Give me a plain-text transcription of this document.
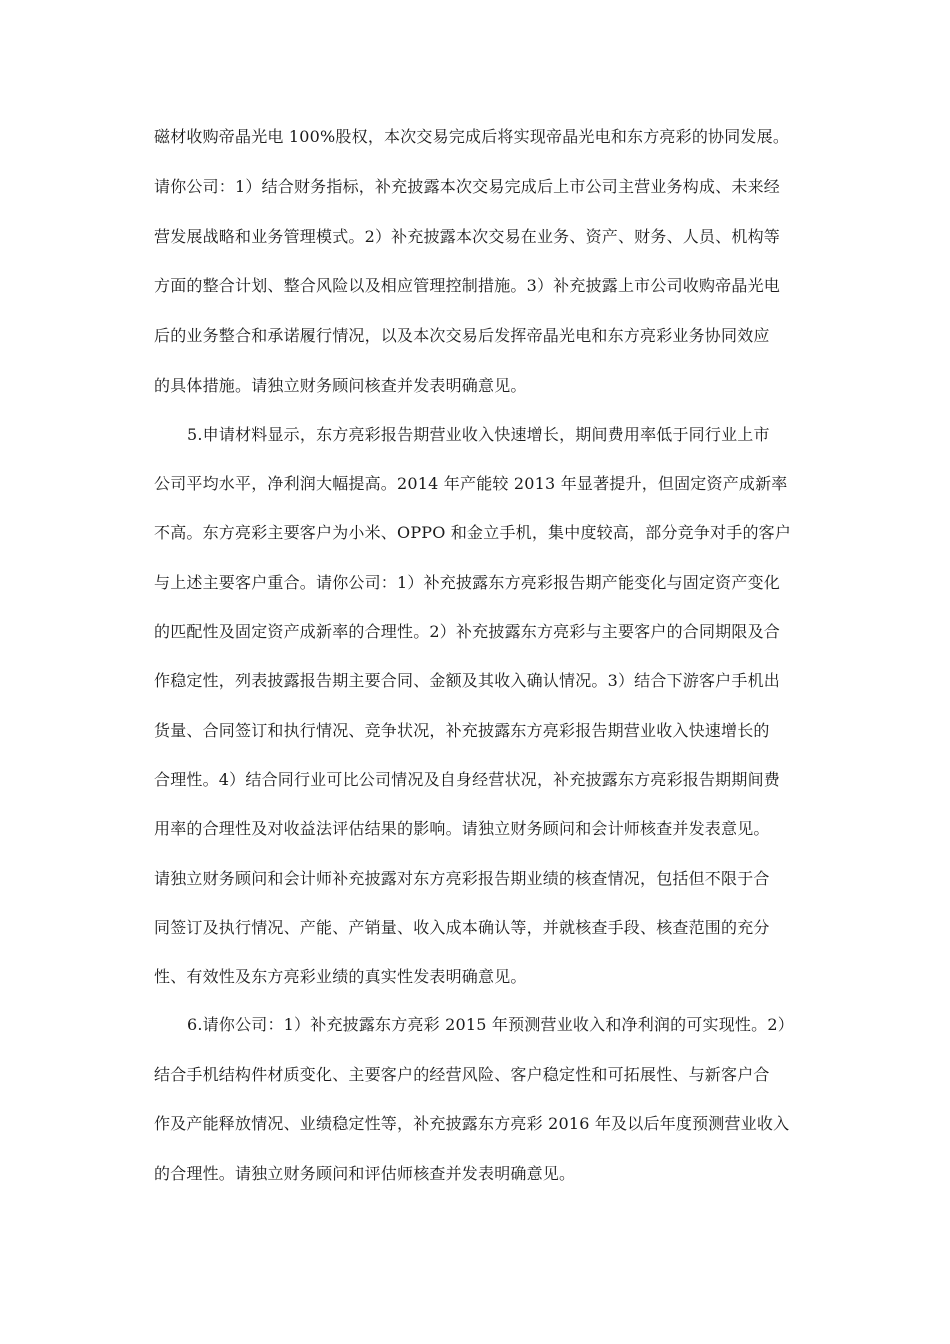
磁材收购帝晶光电 100%股权，本次交易完成后将实现帝晶光电和东方亮彩的协同发展。
请你公司：1）结合财务指标，补充披露本次交易完成后上市公司主营业务构成、未来经
营发展战略和业务管理模式。2）补充披露本次交易在业务、资产、财务、人员、机构等
方面的整合计划、整合风险以及相应管理控制措施。3）补充披露上市公司收购帝晶光电
后的业务整合和承诺履行情况，以及本次交易后发挥帝晶光电和东方亮彩业务协同效应
的具体措施。请独立财务顾问核查并发表明确意见。
5.申请材料显示，东方亮彩报告期营业收入快速增长，期间费用率低于同行业上市
公司平均水平，净利润大幅提高。2014 年产能较 2013 年显著提升，但固定资产成新率
不高。东方亮彩主要客户为小米、OPPO 和金立手机，集中度较高，部分竞争对手的客户
与上述主要客户重合。请你公司：1）补充披露东方亮彩报告期产能变化与固定资产变化
的匹配性及固定资产成新率的合理性。2）补充披露东方亮彩与主要客户的合同期限及合
作稳定性，列表披露报告期主要合同、金额及其收入确认情况。3）结合下游客户手机出
货量、合同签订和执行情况、竞争状况，补充披露东方亮彩报告期营业收入快速增长的
合理性。4）结合同行业可比公司情况及自身经营状况，补充披露东方亮彩报告期期间费
用率的合理性及对收益法评估结果的影响。请独立财务顾问和会计师核查并发表意见。
请独立财务顾问和会计师补充披露对东方亮彩报告期业绩的核查情况，包括但不限于合
同签订及执行情况、产能、产销量、收入成本确认等，并就核查手段、核查范围的充分
性、有效性及东方亮彩业绩的真实性发表明确意见。
6.请你公司：1）补充披露东方亮彩 2015 年预测营业收入和净利润的可实现性。2）
结合手机结构件材质变化、主要客户的经营风险、客户稳定性和可拓展性、与新客户合
作及产能释放情况、业绩稳定性等，补充披露东方亮彩 2016 年及以后年度预测营业收入
的合理性。请独立财务顾问和评估师核查并发表明确意见。
